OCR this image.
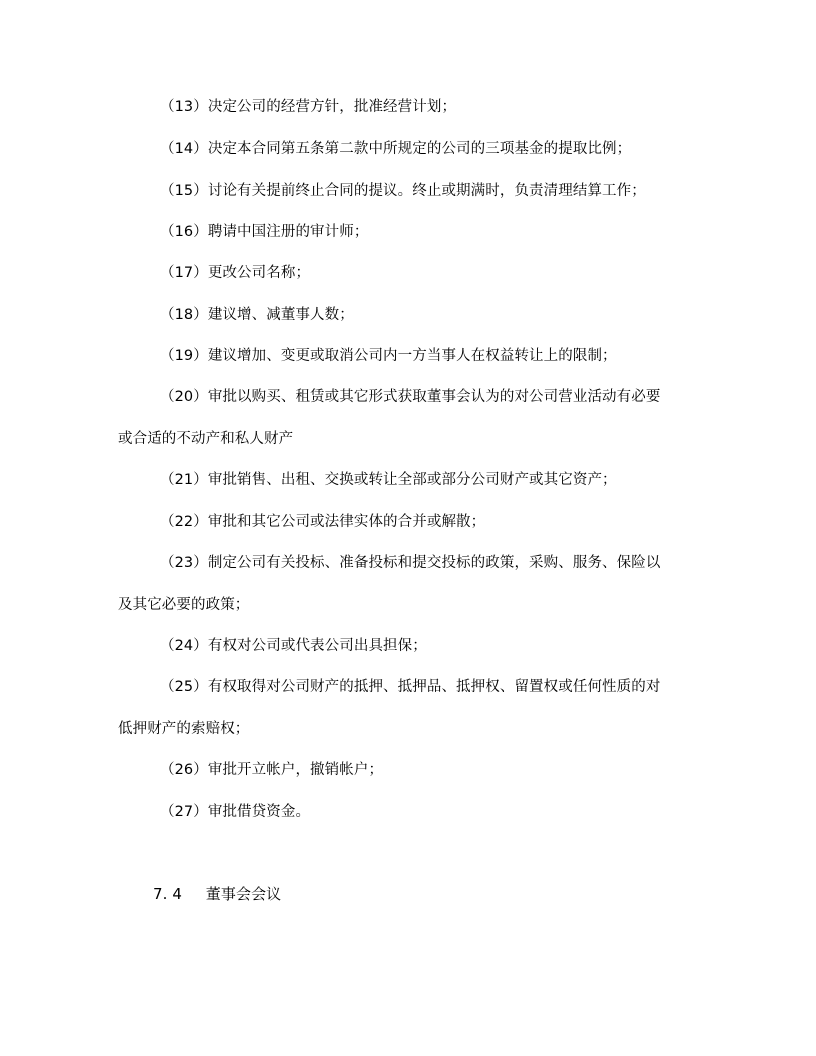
（13）决定公司的经营方针，批准经营计划；
（14）决定本合同第五条第二款中所规定的公司的三项基金的提取比例；
（15）讨论有关提前终止合同的提议。终止或期满时，负责清理结算工作；
（16）聘请中国注册的审计师；
（17）更改公司名称；
（18）建议增、减董事人数；
（19）建议增加、变更或取消公司内一方当事人在权益转让上的限制；
（20）审批以购买、租赁或其它形式获取董事会认为的对公司营业活动有必要
或合适的不动产和私人财产
（21）审批销售、出租、交换或转让全部或部分公司财产或其它资产；
（22）审批和其它公司或法律实体的合并或解散；
（23）制定公司有关投标、准备投标和提交投标的政策，采购、服务、保险以
及其它必要的政策；
（24）有权对公司或代表公司出具担保；
（25）有权取得对公司财产的抵押、抵押品、抵押权、留置权或任何性质的对
低押财产的索赔权；
（26）审批开立帐户，撤销帐户；
（27）审批借贷资金。
7. 4 董事会会议
